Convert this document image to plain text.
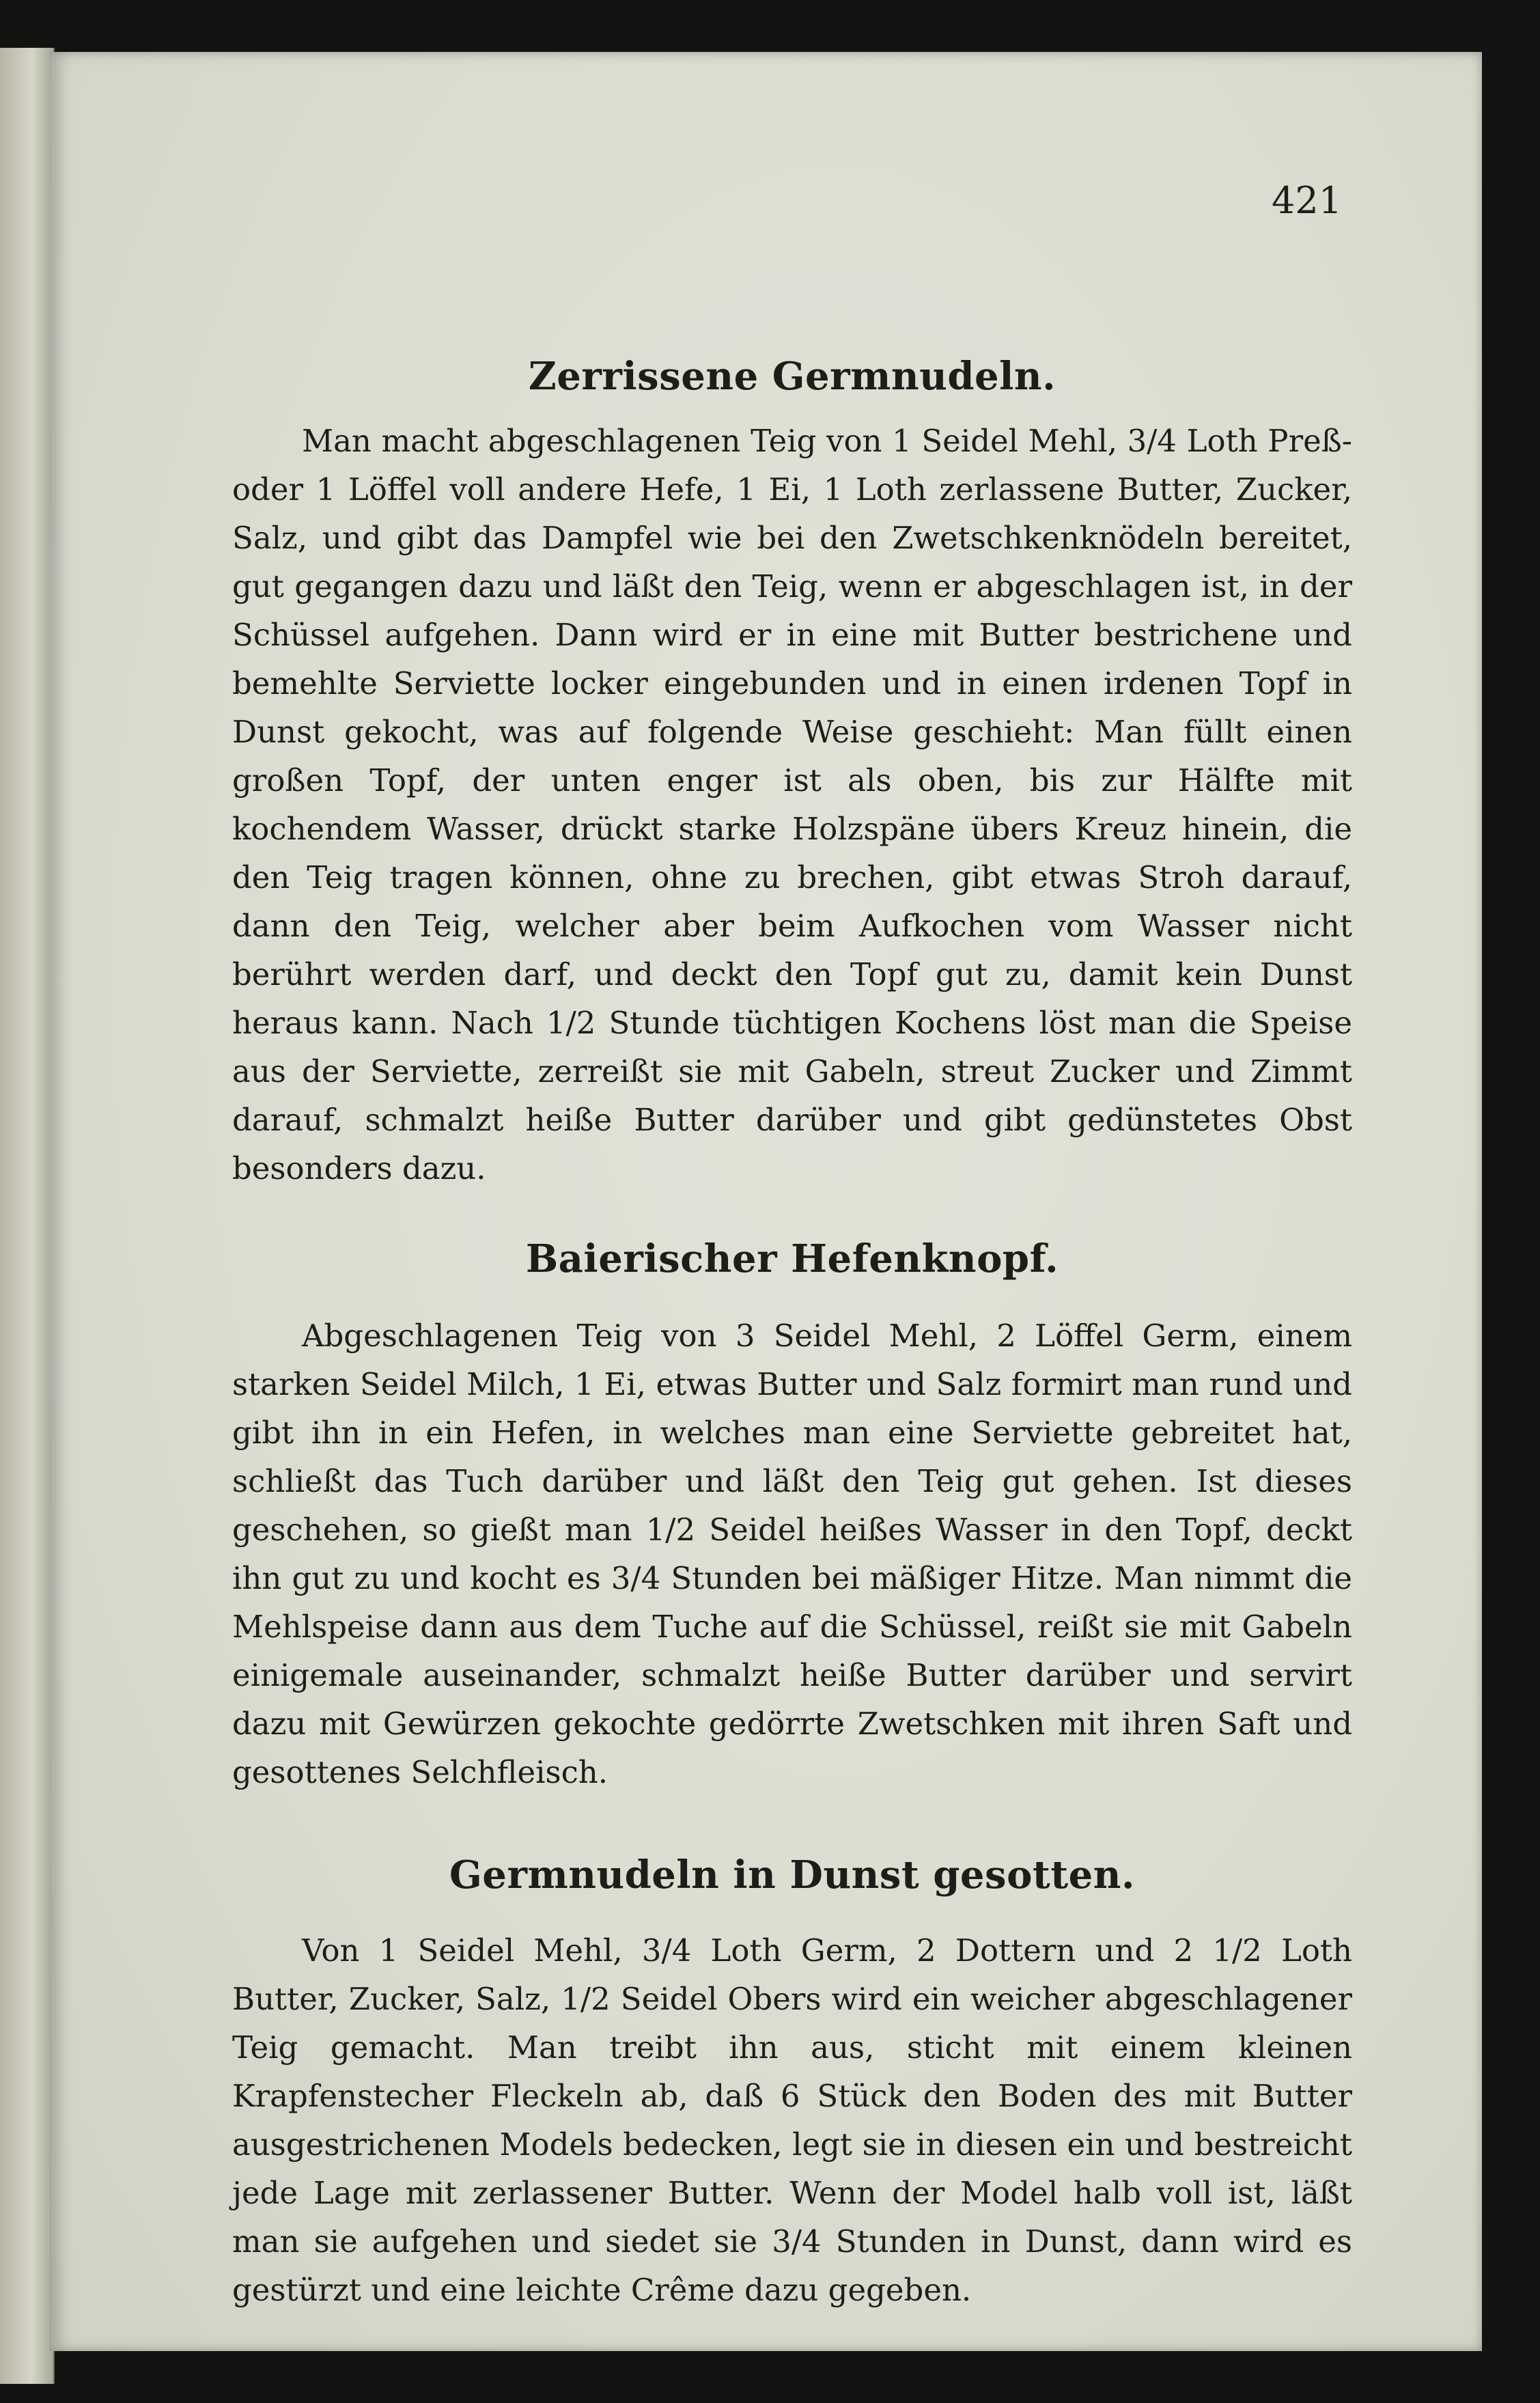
421
Zerrissene Germnudeln.

Man macht abgeschlagenen Teig von 1 Seidel Mehl, 3/4 Loth Preß- oder 1 Löffel voll andere Hefe, 1 Ei, 1 Loth zerlassene Butter, Zucker, Salz, und gibt das Dampfel wie bei den Zwetschkenknödeln bereitet, gut gegangen dazu und läßt den Teig, wenn er abgeschlagen ist, in der Schüssel aufgehen. Dann wird er in eine mit Butter bestrichene und bemehlte Serviette locker eingebunden und in einen irdenen Topf in Dunst gekocht, was auf folgende Weise geschieht: Man füllt einen großen Topf, der unten enger ist als oben, bis zur Hälfte mit kochendem Wasser, drückt starke Holzspäne übers Kreuz hinein, die den Teig tragen können, ohne zu brechen, gibt etwas Stroh darauf, dann den Teig, welcher aber beim Aufkochen vom Wasser nicht berührt werden darf, und deckt den Topf gut zu, damit kein Dunst heraus kann. Nach 1/2 Stunde tüchtigen Kochens löst man die Speise aus der Serviette, zerreißt sie mit Gabeln, streut Zucker und Zimmt darauf, schmalzt heiße Butter darüber und gibt gedünstetes Obst besonders dazu.

Baierischer Hefenknopf.

Abgeschlagenen Teig von 3 Seidel Mehl, 2 Löffel Germ, einem starken Seidel Milch, 1 Ei, etwas Butter und Salz formirt man rund und gibt ihn in ein Hefen, in welches man eine Serviette gebreitet hat, schließt das Tuch darüber und läßt den Teig gut gehen. Ist dieses geschehen, so gießt man 1/2 Seidel heißes Wasser in den Topf, deckt ihn gut zu und kocht es 3/4 Stunden bei mäßiger Hitze. Man nimmt die Mehlspeise dann aus dem Tuche auf die Schüssel, reißt sie mit Gabeln einigemale auseinander, schmalzt heiße Butter darüber und servirt dazu mit Gewürzen gekochte gedörrte Zwetschken mit ihren Saft und gesottenes Selchfleisch.

Germnudeln in Dunst gesotten.

Von 1 Seidel Mehl, 3/4 Loth Germ, 2 Dottern und 2 1/2 Loth Butter, Zucker, Salz, 1/2 Seidel Obers wird ein weicher abgeschlagener Teig gemacht. Man treibt ihn aus, sticht mit einem kleinen Krapfenstecher Fleckeln ab, daß 6 Stück den Boden des mit Butter ausgestrichenen Models bedecken, legt sie in diesen ein und bestreicht jede Lage mit zerlassener Butter. Wenn der Model halb voll ist, läßt man sie aufgehen und siedet sie 3/4 Stunden in Dunst, dann wird es gestürzt und eine leichte Crême dazu gegeben.
